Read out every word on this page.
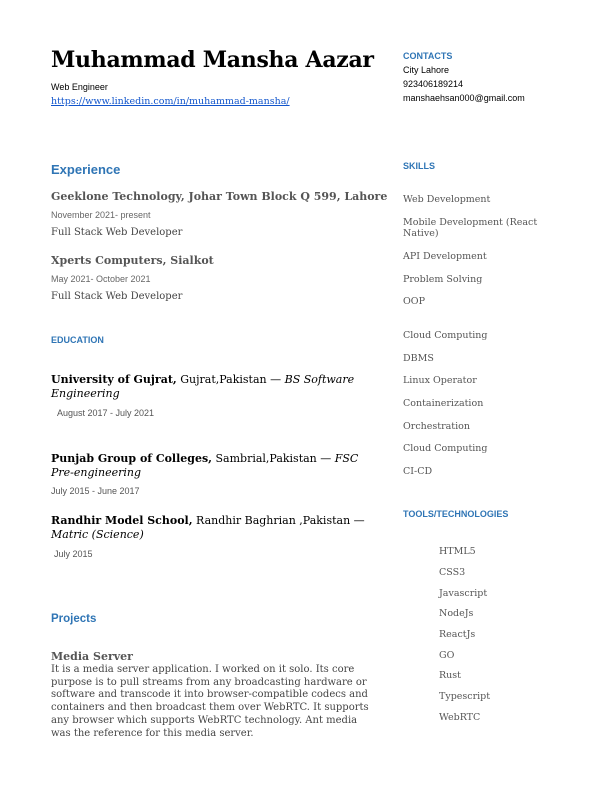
Muhammad Mansha Aazar
Web Engineer
https://www.linkedin.com/in/muhammad-mansha/
Experience
Geeklone Technology, Johar Town Block Q 599, Lahore
November 2021- present
Full Stack Web Developer
Xperts Computers, Sialkot
May 2021- October 2021
Full Stack Web Developer
EDUCATION
University of Gujrat, Gujrat,Pakistan — BS Software Engineering
August 2017 - July 2021
Punjab Group of Colleges, Sambrial,Pakistan — FSC Pre-engineering
July 2015 - June 2017
Randhir Model School, Randhir Baghrian ,Pakistan — Matric (Science)
July 2015
Projects
Media Server
It is a media server application. I worked on it solo. Its core purpose is to pull streams from any broadcasting hardware or software and transcode it into browser-compatible codecs and containers and then broadcast them over WebRTC. It supports any browser which supports WebRTC technology. Ant media was the reference for this media server.
CONTACTS
City Lahore
923406189214
manshaehsan000@gmail.com
SKILLS
Web Development
Mobile Development (React Native)
API Development
Problem Solving
OOP
Cloud Computing
DBMS
Linux Operator
Containerization
Orchestration
Cloud Computing
CI-CD
TOOLS/TECHNOLOGIES
HTML5
CSS3
Javascript
NodeJs
ReactJs
GO
Rust
Typescript
WebRTC
